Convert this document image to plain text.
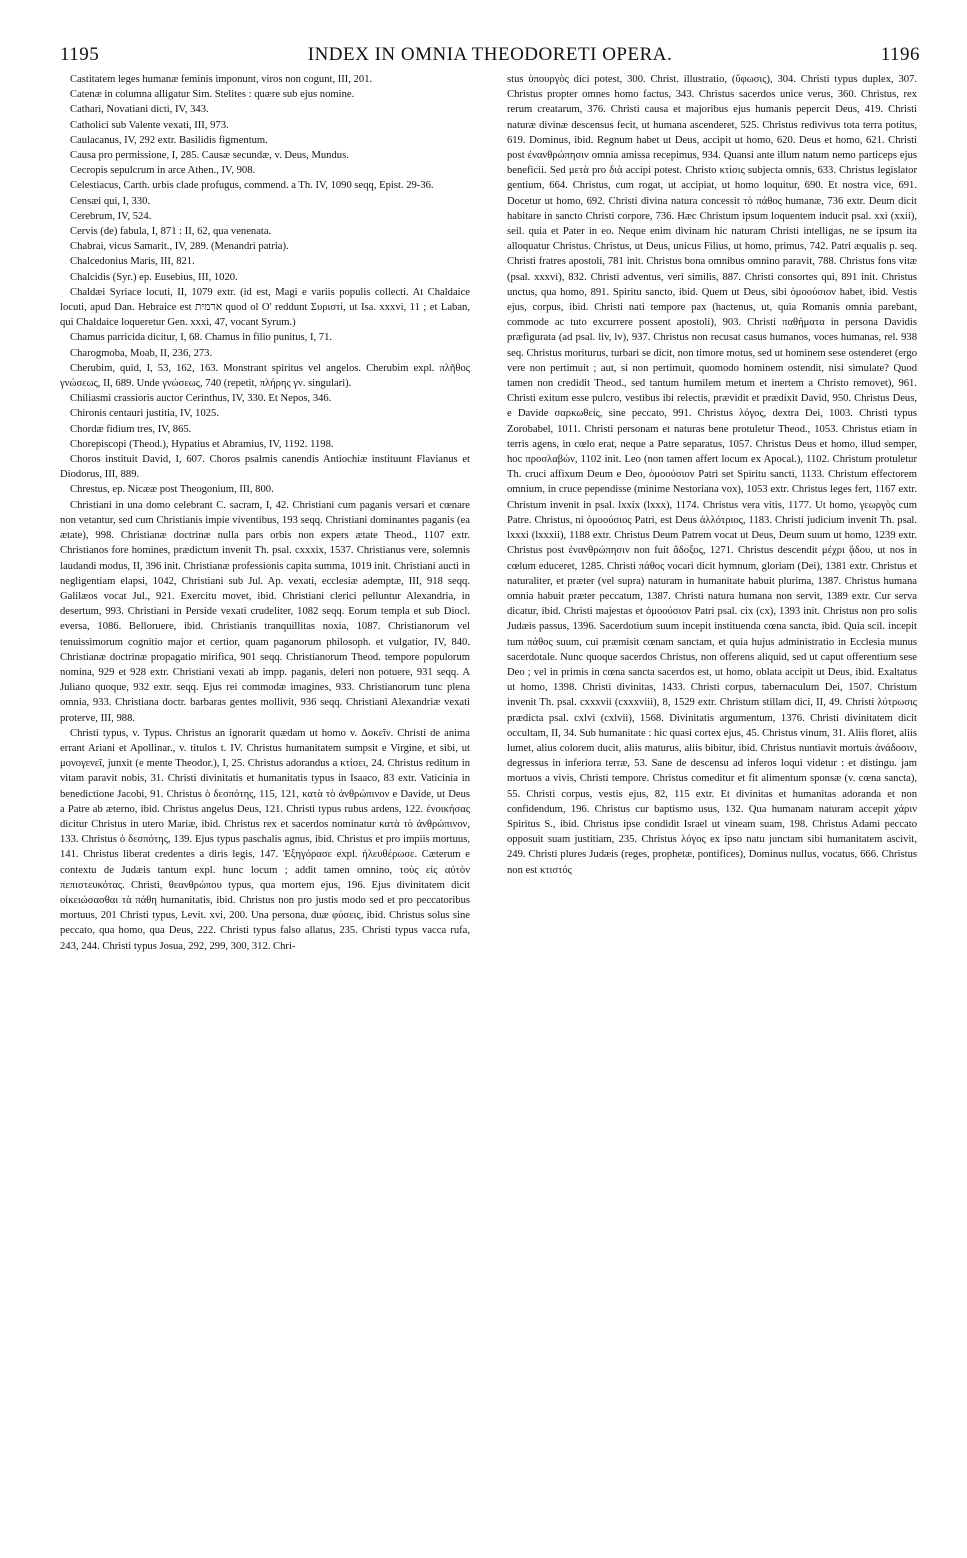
1195	INDEX IN OMNIA THEODORETI OPERA.	1196

Castitatem leges humanæ feminis imponunt, viros non cogunt, III, 201.

Catenæ in columna alligatur Sim. Stelites : quære sub ejus nomine.

Cathari, Novatiani dicti, IV, 343.

Catholici sub Valente vexati, III, 973.

Caulacanus, IV, 292 extr. Basilidis figmentum.

Causa pro permissione, I, 285. Causæ secundæ, v. Deus, Mundus.

Cecropis sepulcrum in arce Athen., IV, 908.

Celestiacus, Carth. urbis clade profugus, commend. a Th. IV, 1090 seqq, Epist. 29-36.

Censæi qui, I, 330.

Cerebrum, IV, 524.

Cervis (de) fabula, I, 871 : II, 62, qua venenata.

Chabrai, vicus Samarit., IV, 289. (Menandri patria).

Chalcedonius Maris, III, 821.

Chalcidis (Syr.) ep. Eusebius, III, 1020.

Chaldæi Syriace locuti, II, 1079 extr. (id est, Magi e variis populis collecti. At Chaldaice locuti, apud Dan. Hebraice est ארמית quod ol O' reddunt Συριστί, ut Isa. xxxvi, 11 ; et Laban, qui Chaldaice loqueretur Gen. xxxi, 47, vocant Syrum.)

Chamus parricida dicitur, I, 68. Chamus in filio punitus, I, 71.

Charogmoba, Moab, II, 236, 273.

Cherubim, quid, I, 53, 162, 163. Monstrant spiritus vel angelos. Cherubim expl. πλῆθος γνώσεως, II, 689. Unde γνώσεως, 740 (repetit, πλήρης γν. singulari).

Chiliasmi crassioris auctor Cerinthus, IV, 330. Et Nepos, 346.

Chironis centauri justitia, IV, 1025.

Chordæ fidium tres, IV, 865.

Chorepiscopi (Theod.), Hypatius et Abramius, IV, 1192. 1198.

Choros instituit David, I, 607. Choros psalmis canendis Antiochiæ instituunt Flavianus et Diodorus, III, 889.

Chrestus, ep. Nicææ post Theogonium, III, 800.

Christiani in una domo celebrant C. sacram, I, 42. Christiani cum paganis versari et cœnare non vetantur, sed cum Christianis impie viventibus, 193 seqq. Christiani dominantes paganis (ea ætate), 998. Christianæ doctrinæ nulla pars orbis non expers ætate Theod., 1107 extr. Christianos fore homines, prædictum invenit Th. psal. cxxxix, 1537. Christianus vere, solemnis laudandi modus, II, 396 init. Christianæ professionis capita summa, 1019 init. Christiani aucti in negligentiam elapsi, 1042, Christiani sub Jul. Ap. vexati, ecclesiæ ademptæ, III, 918 seqq. Galilæos vocat Jul., 921. Exercitu movet, ibid. Christiani clerici pelluntur Alexandria, in desertum, 993. Christiani in Perside vexati crudeliter, 1082 seqq. Eorum templa et sub Diocl. eversa, 1086. Belloruere, ibid. Christianis tranquillitas noxia, 1087. Christianorum vel tenuissimorum cognitio major et certior, quam paganorum philosoph. et vulgatior, IV, 840. Christianæ doctrinæ propagatio mirifica, 901 seqq. Christianorum Theod. tempore populorum nomina, 929 et 928 extr. Christiani vexati ab impp. paganis, deleri non potuere, 931 seqq. A Juliano quoque, 932 extr. seqq. Ejus rei commodæ imagines, 933. Christianorum tunc plena omnia, 933. Christiana doctr. barbaras gentes mollivit, 936 seqq. Christiani Alexandriæ vexati proterve, III, 988.

Christi typus, v. Typus. Christus an ignorarit quædam ut homo v. Δοκεῖν. Christi de anima errant Ariani et Apollinar., v. titulos t. IV. Christus humanitatem sumpsit e Virgine, et sibi, ut μονογενεῖ, junxit (e mente Theodor.), I, 25. Christus adorandus a κτίσει, 24. Christus reditum in vitam paravit nobis, 31. Christi divinitatis et humanitatis typus in Isaaco, 83 extr. Vaticinia in benedictione Jacobi, 91. Christus ὁ δεσπότης, 115, 121, κατὰ τὸ ἀνθρώπινον e Davide, ut Deus a Patre ab æterno, ibid. Christus angelus Deus, 121. Christi typus rubus ardens, 122. ἐνοικήσας dicitur Christus in utero Mariæ, ibid. Christus rex et sacerdos nominatur κατὰ τὸ ἀνθρώπινον, 133. Christus ὁ δεσπότης, 139. Ejus typus paschalis agnus, ibid. Christus et pro impiis mortuus, 141. Christus liberat credentes a diris legis, 147. Ἐξηγόρασε expl. ἠλευθέρωσε. Cæterum e contextu de Judæis tantum expl. hunc locum ; addit tamen omnino, τοὺς εἰς αὐτὸν πεπιστευκότας. Christi, θεανθρώπου typus, qua mortem ejus, 196. Ejus divinitatem dicit οἰκειώσασθαι τὰ πάθη humanitatis, ibid. Christus non pro justis modo sed et pro peccatoribus mortuus, 201 Christi typus, Levit. xvi, 200. Una persona, duæ φύσεις, ibid. Christus solus sine peccato, qua homo, qua Deus, 222. Christi typus falso allatus, 235. Christi typus vacca rufa, 243, 244. Christi typus Josua, 292, 299, 300, 312. Chri-

stus ὑπουργὸς dici potest, 300. Christ. illustratio, (ὕφωσις), 304. Christi typus duplex, 307. Christus propter omnes homo factus, 343. Christus sacerdos unice verus, 360. Christus, rex rerum creatarum, 376. Christi causa et majoribus ejus humanis pepercit Deus, 419. Christi naturæ divinæ descensus fecit, ut humana ascenderet, 525. Christus redivivus tota terra potitus, 619. Dominus, ibid. Regnum habet ut Deus, accipit ut homo, 620. Deus et homo, 621. Christi post ἐνανθρώπησιν omnia amissa recepimus, 934. Quansi ante illum natum nemo particeps ejus beneficii. Sed μετὰ pro διὰ accipi potest. Christo κτίσις subjecta omnis, 633. Christus legislator gentium, 664. Christus, cum rogat, ut accipiat, ut homo loquitur, 690. Et nostra vice, 691. Docetur ut homo, 692. Christi divina natura concessit τὸ πάθος humanæ, 736 extr. Deum dicit habitare in sancto Christi corpore, 736. Hæc Christum ipsum loquentem inducit psal. xxi (xxii), seil. quia et Pater in eo. Neque enim divinam hic naturam Christi intelligas, ne se ipsum ita alloquatur Christus. Christus, ut Deus, unicus Filius, ut homo, primus, 742. Patri æqualis p. seq. Christi fratres apostoli, 781 init. Christus bona omnibus omnino paravit, 788. Christus fons vitæ (psal. xxxvi), 832. Christi adventus, veri similis, 887. Christi consortes qui, 891 init. Christus unctus, qua homo, 891. Spiritu sancto, ibid. Quem ut Deus, sibi ὁμοούσιον habet, ibid. Vestis ejus, corpus, ibid. Christi nati tempore pax (hactenus, ut, quia Romanis omnia parebant, commode ac tuto excurrere possent apostoli), 903. Christi παθήματα in persona Davidis præfigurata (ad psal. liv, lv), 937. Christus non recusat casus humanos, voces humanas, rel. 938 seq. Christus moriturus, turbari se dicit, non timore motus, sed ut hominem sese ostenderet (ergo vere non pertimuit ; aut, si non pertimuit, quomodo hominem ostendit, nisi simulate? Quod tamen non credidit Theod., sed tantum humilem metum et inertem a Christo removet), 961. Christi exitum esse pulcro, vestibus ibi relectis, prævidit et prædixit David, 950. Christus Deus, e Davide σαρκωθείς, sine peccato, 991. Christus λόγος, dextra Dei, 1003. Christi typus Zorobabel, 1011. Christi personam et naturas bene protuletur Theod., 1053. Christus etiam in terris agens, in cœlo erat, neque a Patre separatus, 1057. Christus Deus et homo, illud semper, hoc προσλαβών, 1102 init. Leo (non tamen affert locum ex Apocal.), 1102. Christum protuletur Th. cruci affixum Deum e Deo, ὁμοούσιον Patri set Spiritu sancti, 1133. Christum effectorem omnium, in cruce pependisse (minime Nestoriana vox), 1053 extr. Christus leges fert, 1167 extr. Christum invenit in psal. lxxix (lxxx), 1174. Christus vera vitis, 1177. Ut homo, γεωργὸς cum Patre. Christus, ni ὁμοούσιος Patri, est Deus ἀλλότριος, 1183. Christi judicium invenit Th. psal. lxxxi (lxxxii), 1188 extr. Christus Deum Patrem vocat ut Deus, Deum suum ut homo, 1239 extr. Christus post ἐνανθρώπησιν non fuit ἄδοξος, 1271. Christus descendit μέχρι ᾅδου, ut nos in cœlum educeret, 1285. Christi πάθος vocari dicit hymnum, gloriam (Dei), 1381 extr. Christus et naturaliter, et præter (vel supra) naturam in humanitate habuit plurima, 1387. Christus humana omnia habuit præter peccatum, 1387. Christi natura humana non servit, 1389 extr. Cur serva dicatur, ibid. Christi majestas et ὁμοούσιον Patri psal. cix (cx), 1393 init. Christus non pro solis Judæis passus, 1396. Sacerdotium suum incepit instituenda cœna sancta, ibid. Quia scil. incepit tum πάθος suum, cui præmisit cœnam sanctam, et quia hujus administratio in Ecclesia munus sacerdotale. Nunc quoque sacerdos Christus, non offerens aliquid, sed ut caput offerentium sese Deo ; vel in primis in cœna sancta sacerdos est, ut homo, oblata accipit ut Deus, ibid. Exaltatus ut homo, 1398. Christi divinitas, 1433. Christi corpus, tabernaculum Dei, 1507. Christum invenit Th. psal. cxxxvii (cxxxviii), 8, 1529 extr. Christum stillam dici, II, 49. Christi λύτρωσις prædicta psal. cxlvi (cxlvii), 1568. Divinitatis argumentum, 1376. Christi divinitatem dicit occultam, II, 34. Sub humanitate : hic quasi cortex ejus, 45. Christus vinum, 31. Aliis floret, aliis lumet, alius colorem ducit, aliis maturus, aliis bibitur, ibid. Christus nuntiavit mortuis ἀνάδοσιν, degressus in inferiora terræ, 53. Sane de descensu ad inferos loqui videtur : et distingu. jam mortuos a vivis, Christi tempore. Christus comeditur et fit alimentum sponsæ (v. cœna sancta), 55. Christi corpus, vestis ejus, 82, 115 extr. Et divinitas et humanitas adoranda et non confidendum, 196. Christus cur baptismo usus, 132. Qua humanam naturam accepit χάριν Spiritus S., ibid. Christus ipse condidit Israel ut vineam suam, 198. Christus Adami peccato opposuit suam justitiam, 235. Christus λόγος ex ipso natu junctam sibi humanitatem ascivit, 249. Christi plures Judæis (reges, prophetæ, pontifices), Dominus nullus, vocatus, 666. Christus non est κτιστός
